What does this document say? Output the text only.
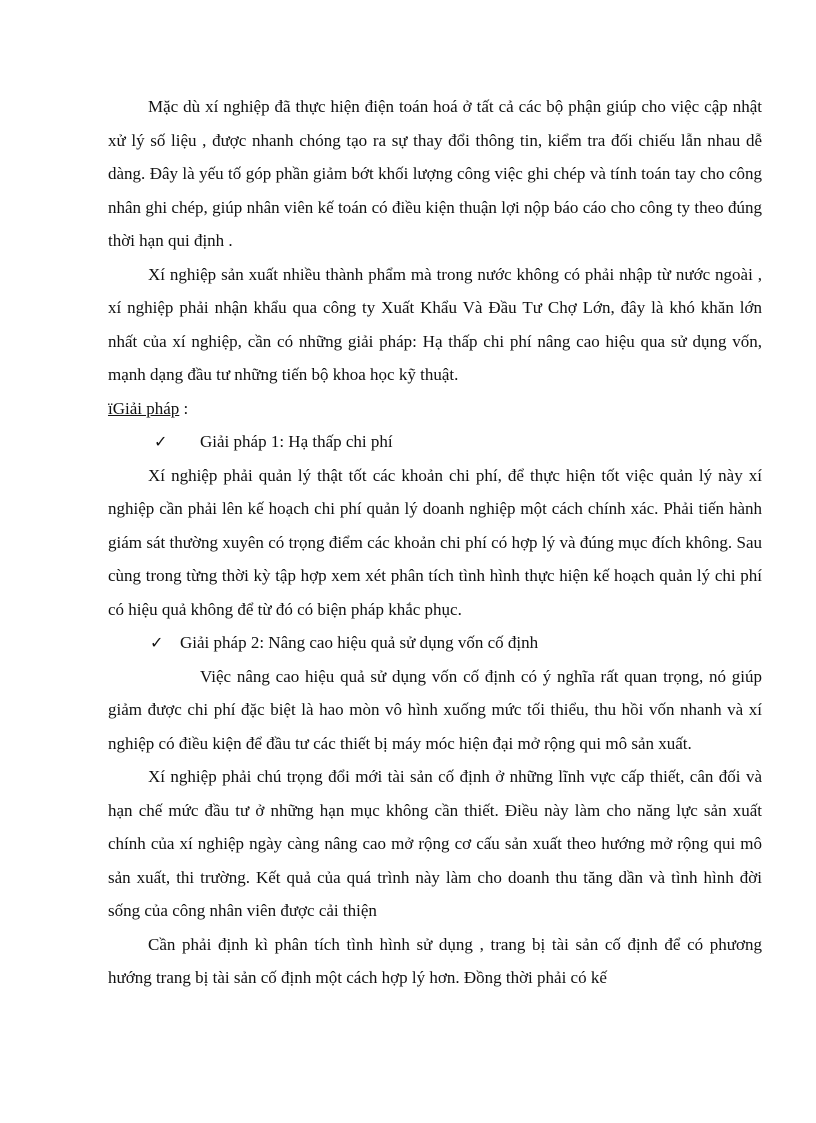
Mặc dù xí nghiệp đã thực hiện điện toán hoá ở tất cả các bộ phận giúp cho việc cập nhật xử lý số liệu , được nhanh chóng tạo ra sự thay đổi thông tin, kiểm tra đối chiếu lẫn nhau dễ dàng. Đây là yếu tố góp phần giảm bớt khối lượng công việc ghi chép và tính toán tay cho công nhân ghi chép, giúp nhân viên kế toán có điều kiện thuận lợi nộp báo cáo cho công ty theo đúng thời hạn qui định .

Xí nghiệp sản xuất nhiều thành phẩm mà trong nước không có phải nhập từ nước ngoài , xí nghiệp phải nhận khẩu qua công ty Xuất Khẩu Và Đầu Tư Chợ Lớn, đây là khó khăn lớn nhất của xí nghiệp, cần có những giải pháp: Hạ thấp chi phí nâng cao hiệu qua sử dụng vốn, mạnh dạng đầu tư những tiến bộ khoa học kỹ thuật.

ïGiải pháp :

✓	Giải pháp 1: Hạ thấp chi phí

Xí nghiệp phải quản lý thật tốt các khoản chi phí, để thực hiện tốt việc quản lý này xí nghiệp cần phải lên kế hoạch chi phí quản lý doanh nghiệp một cách chính xác. Phải tiến hành giám sát thường xuyên có trọng điểm các khoản chi phí có hợp lý và đúng mục đích không. Sau cùng trong từng thời kỳ tập hợp xem xét phân tích tình hình thực hiện kế hoạch quản lý chi phí có hiệu quả không để từ đó có biện pháp khắc phục.

✓ Giải pháp 2: Nâng cao hiệu quả sử dụng vốn cố định

Việc nâng cao hiệu quả sử dụng vốn cố định có ý nghĩa rất quan trọng, nó giúp giảm được chi phí đặc biệt là hao mòn vô hình xuống mức tối thiểu, thu hồi vốn nhanh và xí nghiệp có điều kiện để đầu tư các thiết bị máy móc hiện đại mở rộng qui mô sản xuất.

Xí nghiệp phải chú trọng đổi mới tài sản cố định ở những lĩnh vực cấp thiết, cân đối và hạn chế mức đầu tư ở những hạn mục không cần thiết. Điều này làm cho năng lực sản xuất chính của xí nghiệp ngày càng nâng cao mở rộng cơ cấu sản xuất theo hướng mở rộng qui mô sản xuất, thi trường. Kết quả của quá trình này làm cho doanh thu tăng dần và tình hình đời sống của công nhân viên được cải thiện

Cần phải định kì phân tích tình hình sử dụng , trang bị tài sản cố định để có phương hướng trang bị tài sản cố định một cách hợp lý hơn. Đồng thời phải có kế
